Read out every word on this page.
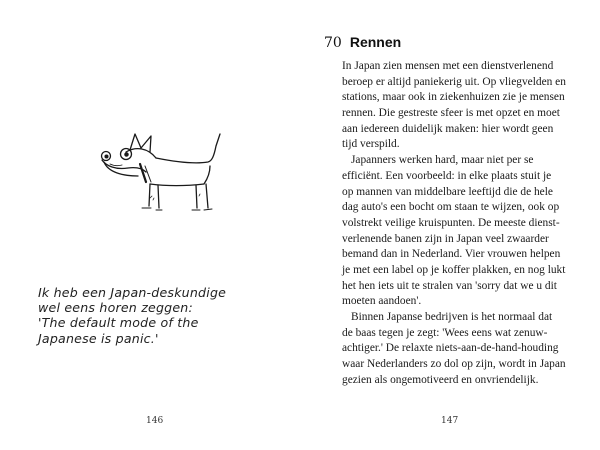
Ik heb een Japan-deskundige
wel eens horen zeggen:
'The default mode of the
Japanese is panic.'
146
70 Rennen
In Japan zien mensen met een dienstverlenend
beroep er altijd paniekerig uit. Op vliegvelden en
stations, maar ook in ziekenhuizen zie je mensen
rennen. Die gestreste sfeer is met opzet en moet
aan iedereen duidelijk maken: hier wordt geen
tijd verspild.
Japanners werken hard, maar niet per se
efficiënt. Een voorbeeld: in elke plaats stuit je
op mannen van middelbare leeftijd die de hele
dag auto's een bocht om staan te wijzen, ook op
volstrekt veilige kruispunten. De meeste dienst-
verlenende banen zijn in Japan veel zwaarder
bemand dan in Nederland. Vier vrouwen helpen
je met een label op je koffer plakken, en nog lukt
het hen iets uit te stralen van 'sorry dat we u dit
moeten aandoen'.
Binnen Japanse bedrijven is het normaal dat
de baas tegen je zegt: 'Wees eens wat zenuw-
achtiger.' De relaxte niets-aan-de-hand-houding
waar Nederlanders zo dol op zijn, wordt in Japan
gezien als ongemotiveerd en onvriendelijk.
147
